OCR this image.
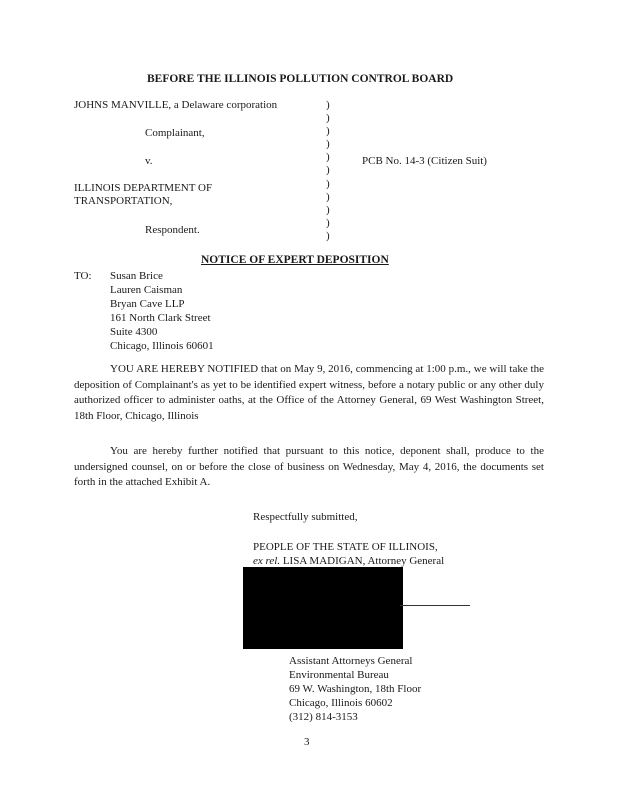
BEFORE THE ILLINOIS POLLUTION CONTROL BOARD
JOHNS MANVILLE, a Delaware corporation
Complainant,
v.	PCB No. 14-3 (Citizen Suit)
ILLINOIS DEPARTMENT OF
TRANSPORTATION,
Respondent.
)
)
)
)
)
)
)
)
)
)
)
NOTICE OF EXPERT DEPOSITION
TO: Susan Brice
Lauren Caisman
Bryan Cave LLP
161 North Clark Street
Suite 4300
Chicago, Illinois 60601
YOU ARE HEREBY NOTIFIED that on May 9, 2016, commencing at 1:00 p.m., we will take the deposition of Complainant's as yet to be identified expert witness, before a notary public or any other duly authorized officer to administer oaths, at the Office of the Attorney General, 69 West Washington Street, 18th Floor, Chicago, Illinois
You are hereby further notified that pursuant to this notice, deponent shall, produce to the undersigned counsel, on or before the close of business on Wednesday, May 4, 2016, the documents set forth in the attached Exhibit A.
Respectfully submitted,
PEOPLE OF THE STATE OF ILLINOIS,
ex rel. LISA MADIGAN, Attorney General
Assistant Attorneys General
Environmental Bureau
69 W. Washington, 18th Floor
Chicago, Illinois 60602
(312) 814-3153
3
